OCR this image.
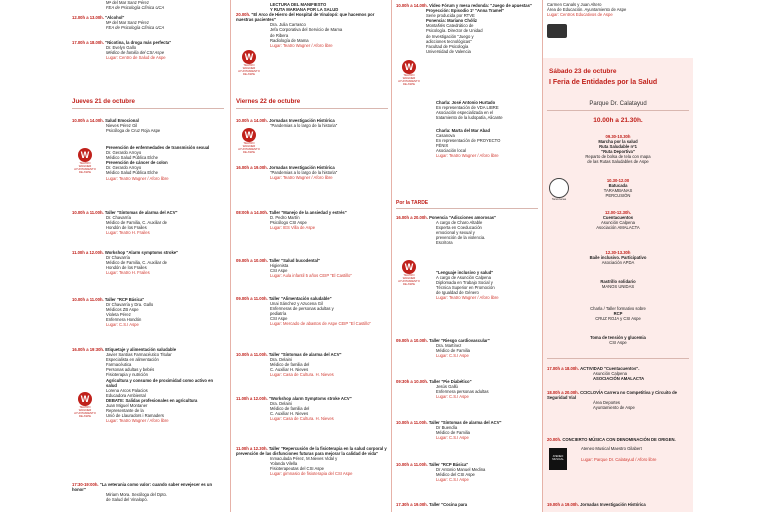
Mª del Mar Sanz Pérez
FEA de Psicología Clínica UCA
12.00h a 13.00h. "Alcohol"
Mª del Mar Sanz Pérez
FEA de Psicología Clínica UCA
17.00h a 18.00h. "Nicotina, la droga más perfecta"
Dr. Evelyn Gallo
Médico de familia del CSI Aspe
Lugar: Centro de Salud de Aspe
Jueves 21 de octubre
10.00h a 14.00h. Salud Emocional
Nieves Pérez Gil
Psicóloga de Cruz Roja Aspe
W
TEATRO WAGNER AYUNTAMIENTO DE ASPE
Prevención de enfermedades de transmisión sexual
Dr. Gerardo Arroyo
Médico Salud Pública Elche
Prevención de cáncer de colon
Dr. Gerardo Arroyo
Médico Salud Pública Elche
Lugar: Teatro Wagner / Aforo libre
10.00h a 11.00h. Taller "Síntomas de alarma del ACV"
Dr. Chavarría
Médico de Familia, C. Auxiliar de
Hondón de los Frailes
Lugar: Teatro H. Frailes
11.00h a 12.00h. Workshop "Alarm symptoms stroke"
Dr Chavarría
Médico de Familia, C. Auxiliar de
Hondón de los Frailes
Lugar: Teatro H. Frailes
10.00h a 11.00h. Taller "RCP Básica"
Dr Chavarría y Dra. Gallo
Médicos ZB Aspe
Violeta Pérez
Enfermera Hondón
Lugar: C.S.I Aspe
16.00h a 19:30h. Etiquetaje y alimentación saludable
Javier Santías Farmacéutico Titular
Especialista en alimentación
Farmacéutica
Personas adultas y bebés
Fisioterapia y nutrición
Agricultura y consumo de proximidad como activo en salud
Lorena Arcos Palacios
Educadora Ambiental
DEBATE: Salidas profesionales en agricultura
Juan Miguel Montaner
Representante de la
Unió de Llauradors i Ramaders
Lugar: Teatro Wagner / Aforo libre
W
TEATRO WAGNER AYUNTAMIENTO DE ASPE
17:30-19:00h. "La veterania como valor: cuando saber envejecer es un honor"
Miriam Mora. Sexóloga del Dpto.
de Salud del Vinalopó.
LECTURA DEL MANIFIESTO
Y RUTA MARIANA POR LA SALUD
20.00h. "El Arco de Hierro del Hospital de Vinalopó: que hacemos por nuestras pacientes"
Dra. Julia Carrasco
Jefa Corporativa del Servicio de Mama
de Ribera
Radiología de Mama
Lugar: Teatro Wagner / Aforo libre
W
TEATRO WAGNER AYUNTAMIENTO DE ASPE
Viernes 22 de octubre
10.00h a 14.00h. Jornadas Investigación Histórica
"Pandemias a lo largo de la historia"
W
TEATRO WAGNER AYUNTAMIENTO DE ASPE
16.00h a 19.00h. Jornadas Investigación Histórica
"Pandemias a lo largo de la historia"
Lugar: Teatro Wagner / Aforo libre
08:00h a 14.00h. Taller "Manejo de la ansiedad y estrés"
D. Pedro Martín
Psicólogo CSI Aspe
Lugar: IES Villa de Aspe
09.00h a 10.00h. Taller "Salud bucodental"
Higienista
CSI Aspe
Lugar: Aula infantil 5 años CEIP "El Castillo"
09.00h a 11.00h. Taller "Alimentación saludable"
Unai Sánchez y Azucena Gil
Enfermeras de personas adultas y
pediatría
CSI Aspe
Lugar: Mercado de abastos de Aspe CEIP "El Castillo"
10.00h a 11.00h. Taller "Síntomas de alarma del ACV"
Dra. Delaini
Médico de familia del
C. Auxiliar H. Nieves
Lugar: Casa de Cultura. H. Nieves
11.00h a 12.00h. "Workshop alarm Symptoms stroke ACV"
Dra. Delaini
Médico de familia del
C. Auxiliar H. Nieves
Lugar: Casa de Cultura. H. Nieves
11.00h a 12.30h. Taller "Repercusión de la fisioterapia en la salud corporal y prevención de las disfunciones futuras para mejorar la calidad de vida"
Inmaculada Pérez, M.Nieves Vidal y
Yolanda Vilella
Fisioterapeutas del CSI Aspe
Lugar: gimnasio de fisioterapia del CSI Aspe
10.00h a 14.00h. Vídeo Fórum y mesa redonda: "Juego de apuestas"
Proyección: Episodio 1º "Anna Tramel"
Serie producida por RTVE
Ponencia: Mariano Chóliz
MontaÑés Catedrático de
Psicología. Director de Unidad
de Investigación "Juego y
adicciones tecnológicas"
Facultad de Psicología
Universidad de Valencia
W
TEATRO WAGNER AYUNTAMIENTO DE ASPE
Charla: José Antonio Hurtado
En representación de VDA LIBRE
Asociación especializada en el
tratamiento de la ludopatía, Alicante
Charla: Marta del Mar Abad
Casanova
En representación de PROYECTO
FÉNIX
Asociación local
Lugar: Teatro Wagner / Aforo libre
Por la TARDE
16.00h a 20.00h. Ponencia "Adicciones amorosas"
A cargo de Charo Altable
Experta en Coeducación
emocional y sexual y
prevención de la violencia.
Escritora
W
TEATRO WAGNER AYUNTAMIENTO DE ASPE
"Lenguaje inclusivo y salud"
A cargo de Asunción Calpena
Diplomada en Trabajo Social y
Técnica Superior en Promoción
de Igualdad de Género
Lugar: Teatro Wagner / Aforo libre
09.00h a 10.00h. Taller "Riesgo cardiovascular"
Dra. Martínez
Médico de Familia
Lugar: C.S.I Aspe
09:30h a 10.00h. Taller "Pie Diabético"
Jesús Gallú
Enfermera personas adultas
Lugar: C.S.I Aspe
10.00h a 11.00h. Taller "Síntomas de alarma del ACV"
Dr Buendía
Médico de Familia
Lugar: C.S.I Aspe
10.00h a 11.00h. Taller "RCP Básica"
Dr Antonio Manuel Medina
Médico del CSI Aspe
Lugar: C.S.I Aspe
17.30h a 19.00h. Taller "Cocina para
Carmen Canals y Juan Altero
Área de Educación. Ayuntamiento de Aspe
Lugar: Centros Educativos de Aspe
Sábado 23 de octubre
I Feria de Entidades por la Salud
Parque Dr. Calatayud
10.00h a 21.30h.
09.30-10.30h
Marcha por la salud
Ruta Saludable nº1
"Ruta Deportiva"
Reparto de bolsa de tela con mapa
de las Rutas Saludables de Aspe
Tarambanas
10.30-12.00
Batucada
TARAMBANAS
PERCUSIÓN
12.00-12.30h.
Cuentacuentos
Asunción Calpena
Asociación AMALACTA
12.30-13.30h
Baile inclusivo. Participativo
Asociación APDA
Rastrillo solidario
MANOS UNIDAS
Charla / Taller formativo sobre
RCP
CRUZ ROJA y CSI Aspe
Toma de tensión y glucemia
CSI Aspe
17.00h a 18.00h. ACTIVIDAD "Cuentacuentos".
Asunción Calpena
ASOCIACIÓN AMALACTA
18.00h a 20.00h. CCICLOVÍA Carrera no Competitiva y Circuito de Seguridad Vial
Área Deportes
Ayuntamiento de Aspe
20.00h. CONCIERTO MÚSICA CON DENOMINACIÓN DE ORIGEN.
Ateneo Musical Maestro Gilabert
Lugar: Parque Dr. Calatayud / Aforo libre
ATENEO MUSICAL
19.00h a 19.00h. Jornadas Investigación Histórica
